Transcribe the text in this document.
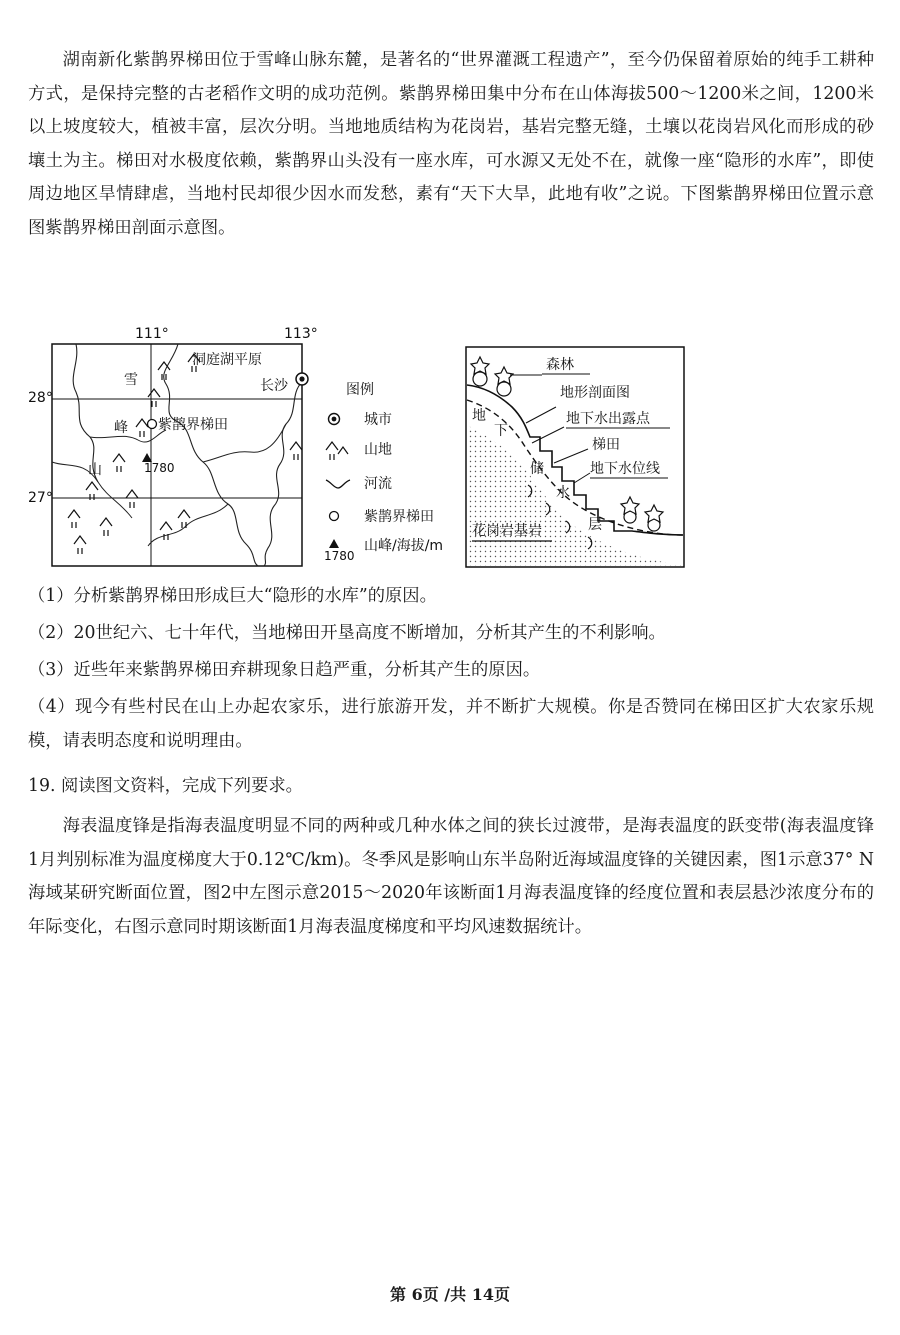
湖南新化紫鹊界梯田位于雪峰山脉东麓，是著名的“世界灌溉工程遗产”，至今仍保留着原始的纯手工耕种方式，是保持完整的古老稻作文明的成功范例。紫鹊界梯田集中分布在山体海拔500～1200米之间，1200米以上坡度较大，植被丰富，层次分明。当地地质结构为花岗岩，基岩完整无缝，土壤以花岗岩风化而形成的砂壤土为主。梯田对水极度依赖，紫鹊界山头没有一座水库，可水源又无处不在，就像一座“隐形的水库”，即使周边地区旱情肆虐，当地村民却很少因水而发愁，素有“天下大旱，此地有收”之说。下图紫鹊界梯田位置示意图紫鹊界梯田剖面示意图。
111°	113°
28°
27°
洞庭湖平原
长沙
雪
峰
山
紫鹊界梯田
1780
图例
城市
山地
河流
紫鹊界梯田
1780
山峰/海拔/m
森林
地形剖面图
地下水出露点
梯田
地下水位线
地
下
储
水
层
花岗岩基岩
（1）分析紫鹊界梯田形成巨大“隐形的水库”的原因。
（2）20世纪六、七十年代，当地梯田开垦高度不断增加，分析其产生的不利影响。
（3）近些年来紫鹊界梯田弃耕现象日趋严重，分析其产生的原因。
（4）现今有些村民在山上办起农家乐，进行旅游开发，并不断扩大规模。你是否赞同在梯田区扩大农家乐规模，请表明态度和说明理由。
19. 阅读图文资料，完成下列要求。
海表温度锋是指海表温度明显不同的两种或几种水体之间的狭长过渡带，是海表温度的跃变带(海表温度锋1月判别标准为温度梯度大于0.12℃/km)。冬季风是影响山东半岛附近海域温度锋的关键因素，图1示意37° N海域某研究断面位置，图2中左图示意2015～2020年该断面1月海表温度锋的经度位置和表层悬沙浓度分布的年际变化，右图示意同时期该断面1月海表温度梯度和平均风速数据统计。
第 6页 /共 14页
